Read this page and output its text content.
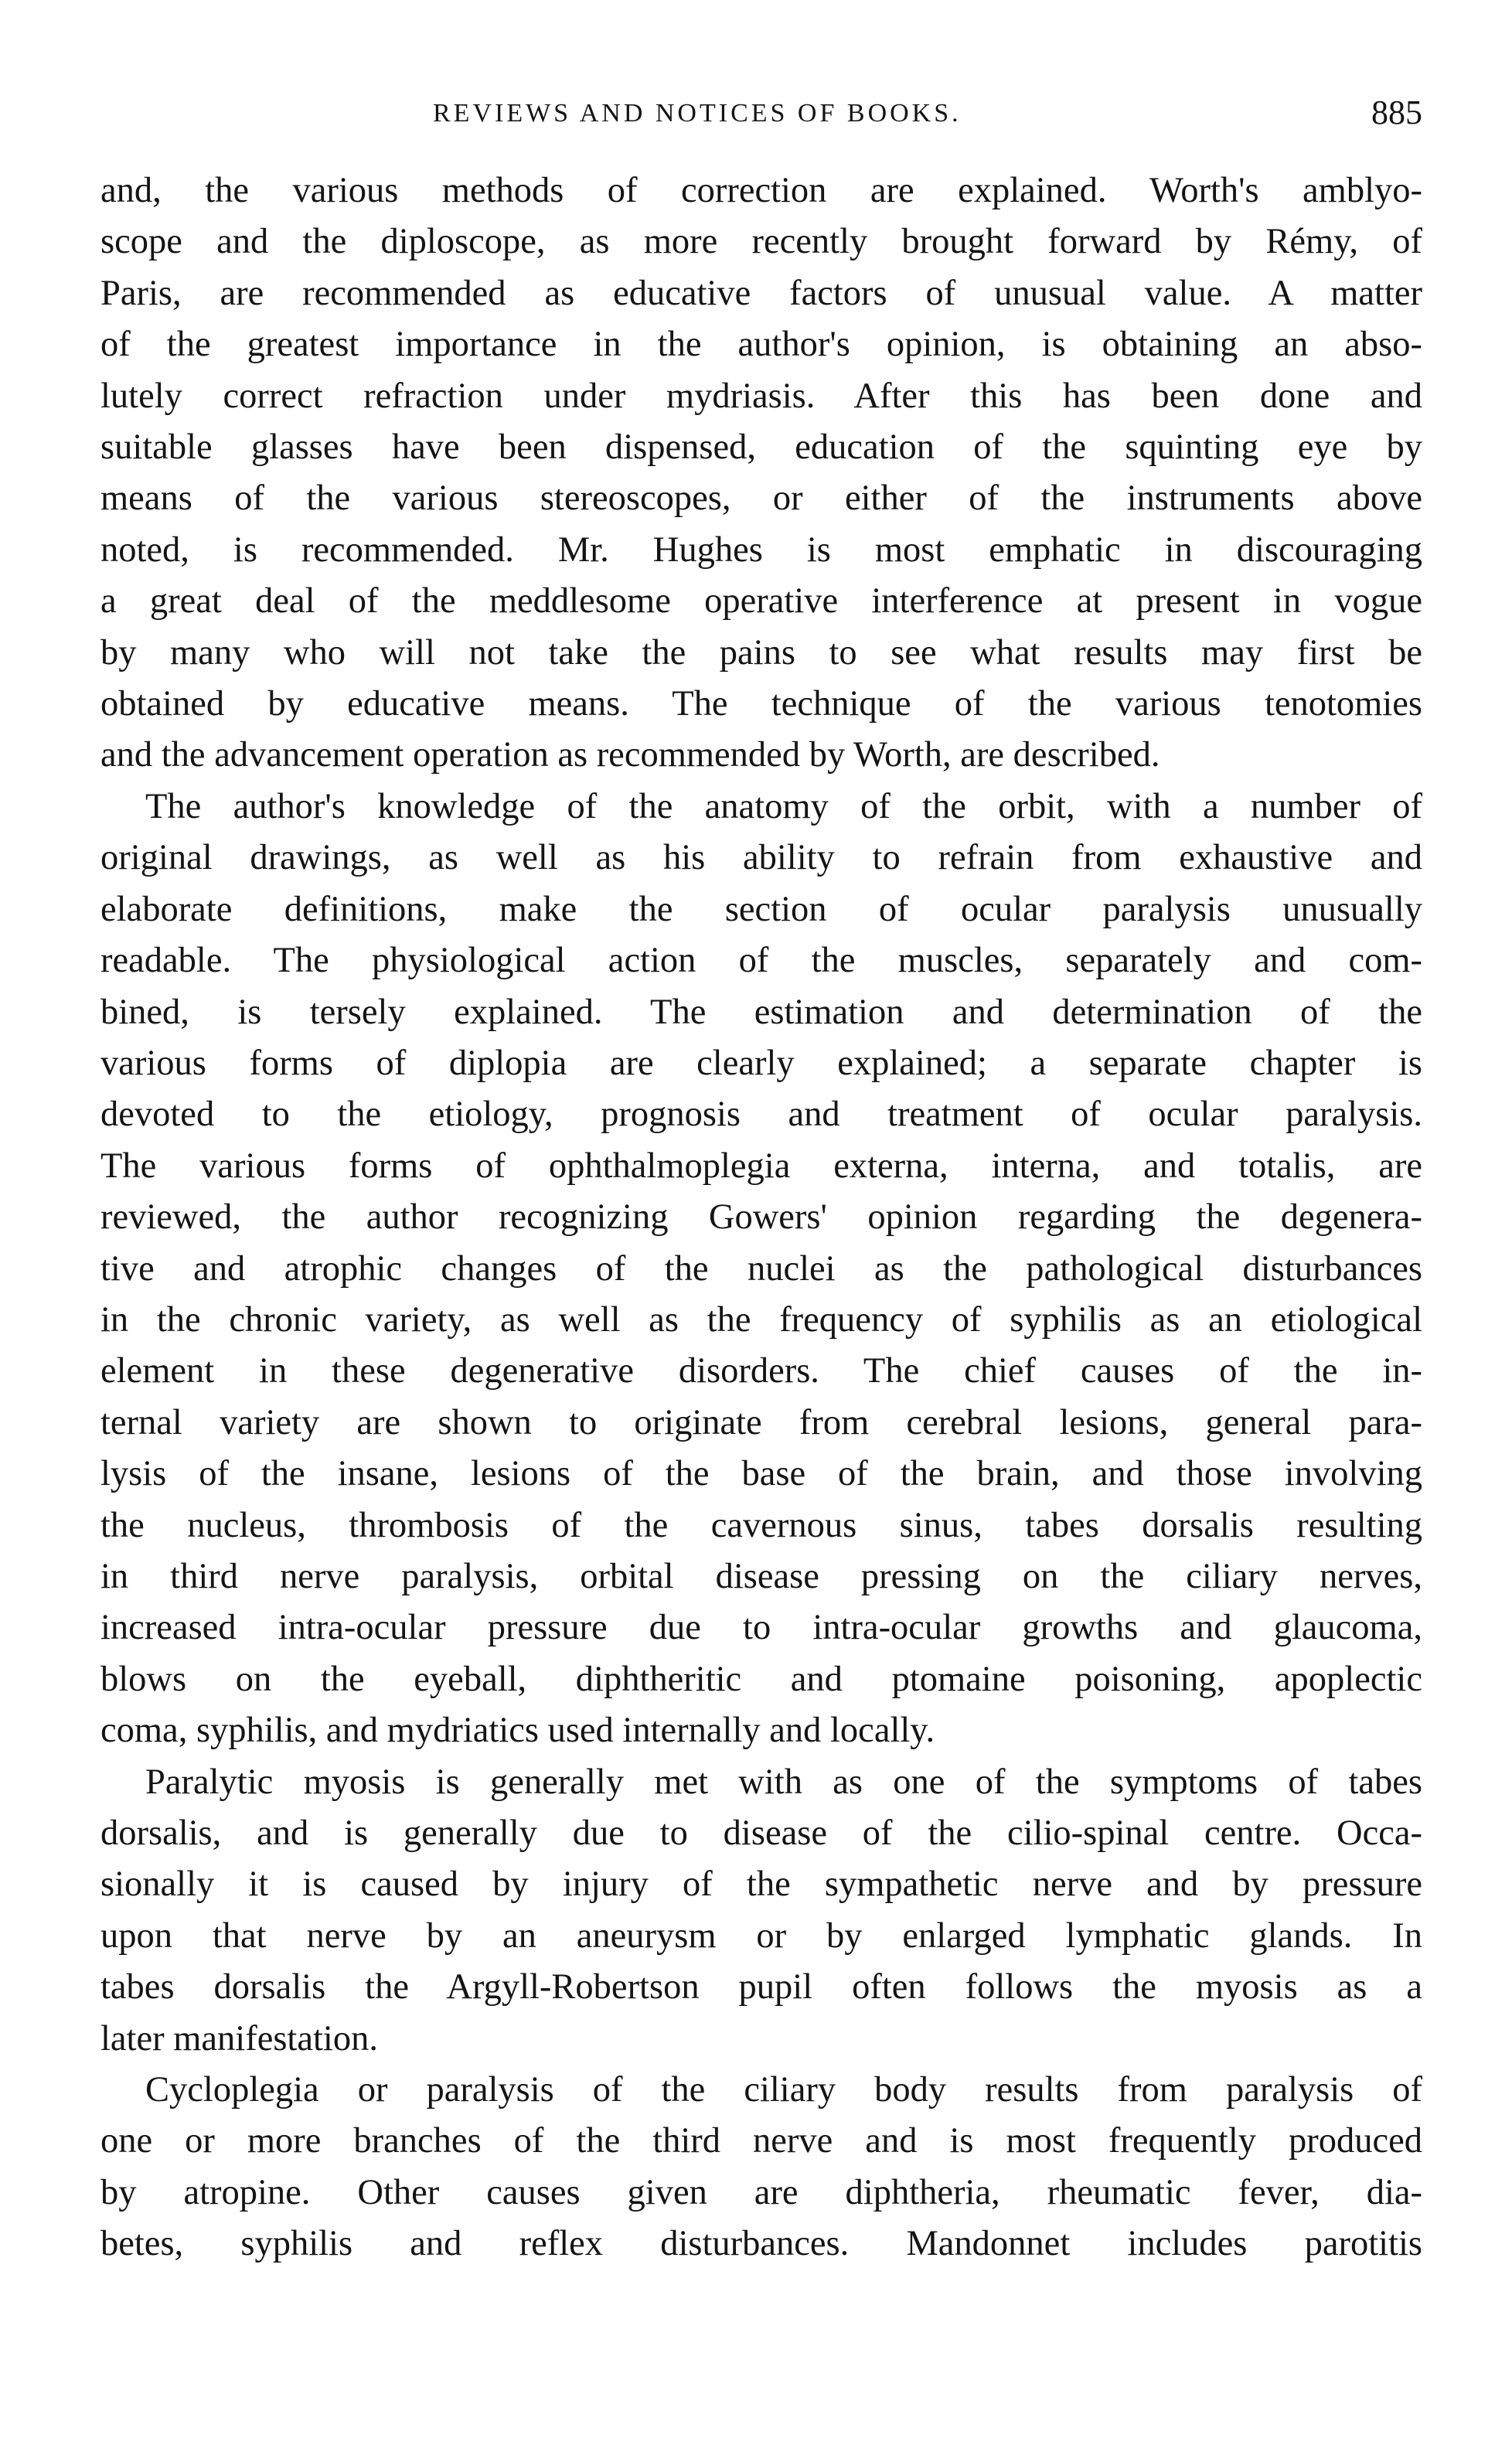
REVIEWS AND NOTICES OF BOOKS.	885

and, the various methods of correction are explained. Worth's amblyo-
scope and the diploscope, as more recently brought forward by Rémy, of
Paris, are recommended as educative factors of unusual value. A matter
of the greatest importance in the author's opinion, is obtaining an abso-
lutely correct refraction under mydriasis. After this has been done and
suitable glasses have been dispensed, education of the squinting eye by
means of the various stereoscopes, or either of the instruments above
noted, is recommended. Mr. Hughes is most emphatic in discouraging
a great deal of the meddlesome operative interference at present in vogue
by many who will not take the pains to see what results may first be
obtained by educative means. The technique of the various tenotomies
and the advancement operation as recommended by Worth, are described.

The author's knowledge of the anatomy of the orbit, with a number of
original drawings, as well as his ability to refrain from exhaustive and
elaborate definitions, make the section of ocular paralysis unusually
readable. The physiological action of the muscles, separately and com-
bined, is tersely explained. The estimation and determination of the
various forms of diplopia are clearly explained; a separate chapter is
devoted to the etiology, prognosis and treatment of ocular paralysis.
The various forms of ophthalmoplegia externa, interna, and totalis, are
reviewed, the author recognizing Gowers' opinion regarding the degenera-
tive and atrophic changes of the nuclei as the pathological disturbances
in the chronic variety, as well as the frequency of syphilis as an etiological
element in these degenerative disorders. The chief causes of the in-
ternal variety are shown to originate from cerebral lesions, general para-
lysis of the insane, lesions of the base of the brain, and those involving
the nucleus, thrombosis of the cavernous sinus, tabes dorsalis resulting
in third nerve paralysis, orbital disease pressing on the ciliary nerves,
increased intra-ocular pressure due to intra-ocular growths and glaucoma,
blows on the eyeball, diphtheritic and ptomaine poisoning, apoplectic
coma, syphilis, and mydriatics used internally and locally.

Paralytic myosis is generally met with as one of the symptoms of tabes
dorsalis, and is generally due to disease of the cilio-spinal centre. Occa-
sionally it is caused by injury of the sympathetic nerve and by pressure
upon that nerve by an aneurysm or by enlarged lymphatic glands. In
tabes dorsalis the Argyll-Robertson pupil often follows the myosis as a
later manifestation.

Cycloplegia or paralysis of the ciliary body results from paralysis of
one or more branches of the third nerve and is most frequently produced
by atropine. Other causes given are diphtheria, rheumatic fever, dia-
betes, syphilis and reflex disturbances. Mandonnet includes parotitis
